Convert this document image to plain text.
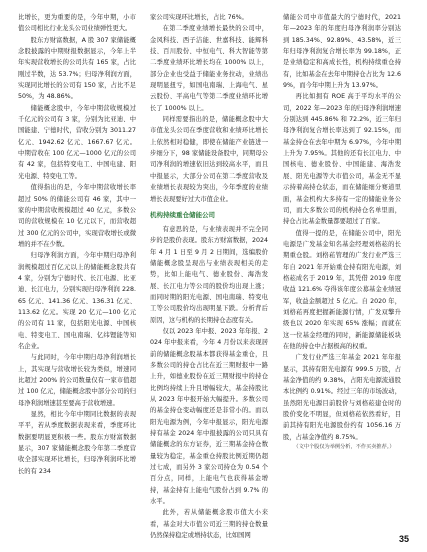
比增长，更为重要的是，今年中期，小市值公司相比行业龙头公司业绩弹性更大。

股东方财富数据，A 股 307 家储能概念股披露的中期财报数据显示，今年上半年实现营收增长的公司共有 165 家，占比刚过半数，达 53.7%；归母净利润方面，实现同比增长的公司有 150 家，占比不足 50%，为 48.86%。

储能概念股中，今年中期营收规模过千亿元的公司有 3 家，分别为比亚迪、中国能建、宁德时代，营收分别为 3011.27 亿元、1942.62 亿元、1667.67 亿元。中期营收在 100 亿元—1000 亿元的公司有 42 家，包括特变电工、中国电建、阳光电源、特变电工等。

值得指出的是，今年中期营收增长率超过 50% 的储能公司有 46 家，其中一家的中期营收规模超过 40 亿元，多数公司的营收规模在 10 亿元以下，而营收超过 300 亿元的公司中，实现营收增长或微增的并不在少数。

归母净利润方面，今年中期归母净利润规模超过百亿元以上的储能概念股共有 4 家，分别为宁德时代、长江电源、比亚迪、长江电力，分别实现归母净利润 228.65 亿元、141.36 亿元、136.31 亿元、113.62 亿元。实现 20 亿元—100 亿元的公司有 11 家，包括阳光电源、中国核电、特变电工、国电南瑞、亿纬锂能等知名企业。

与此同时，今年中期归母净利润增长上，其实现与营收增长较为类似，增速同比超过 200% 的公司数量仅有一家市值超过 100 亿元，储能概念股中部分公司的归母净利润增速甚至要高于营收增速。

显然，相比今年中期同比数据的表现平平，若从季度数据表现来看，季度环比数据要明显更积极一些。股东方财富数据显示，307 家储能概念股今年第二季度营收全部实现环比增长，归母净利润环比增长的有 234

家公司实现环比增长，占比 76%。

在第二季度业绩增长最快的公司中，金风科技、西子洁能、世嘉科技、能辉科技、百川股份、中恒电气、科大智能等第二季度业绩环比增长均在 1000% 以上，部分企业也受益于储能业务拉动，业绩出现明显扭亏，如国电南瑞、上海电气、星云股份、平高电气等第二季度业绩环比增长了 1000% 以上。

同样需要指出的是，储能概念股中大市值龙头公司在季度营收和业绩环比增长上依然相对稳健，即使在储能产业链进一步细分下，98 家储能设备股中，同期母公司净利润的增速依旧达到较高水平，而且中报显示，大部分公司在第二季度营收及业绩增长表现较为突出，今年季度的业绩增长表现要好过大市值企业。

机构持续重仓储能公司

有意思的是，与业绩表现并不完全同步的是股价表现。股东方财富数据，2024 年 4 月 1 日至 9 月 2 日期间，选编股价储能概念股呈现出与业绩表现相关的走势，比如上能电气、德业股份、海浩发展、长江电力等公司的股价均出现上涨；而同时期的阳光电源、国电南瑞、特变电工等公司股价均出现明显下跌。分析背后原因，这与机构的长期持仓态度有关。

仅以 2023 年中报、2023 年年报、2024 年中报来看，今年 4 月份以来表现居前的储能概念股基本都获得基金重仓，且多数公司的持仓占比在近三期财报中一路上升，如德业股份在近三期财报中的持仓比例均持续上升且增幅较大，基金持股比从 2023 年中报开始大幅提升。多数公司的基金持仓变动幅度还是非常小的。而以阳光电源为例，今年中报显示，阳光电源持有基金 2024 年中报披露的公司只具有储能概念的东方证券，近三期基金持仓数量较为稳定，基金重仓持股比例近期仍超过七成，而另外 3 家公司持仓为 0.54 个百分点，同样，上能电气也获得基金增持，基金持有上能电气股份占到 9.7% 的水平。

此外，若从储能概念股市值大小来看，基金对大市值公司近三期的持仓数量仍然保持稳定或增持状态，比如国网

储能公司中市值最大的宁德时代，2021 年—2023 年的年度归母净利润率分别达到 185.34%、92.89%、43.58%，近三年归母净利润复合增长率为 99.18%，正是业绩稳定和高成长性，机构持续重仓持有，比如基金在去年中期持仓占比为 12.69%，而今年中期上升为 13.97%。

再比如拥有 ROE 高于平均水平的公司，2022 年—2023 年的归母净利润增速分别达到 445.86% 和 72.2%，近三年归母净利润复合增长率达到了 92.15%，而基金持仓在去年中期为 6.97%，今年中期上升为 7.95%。其他的还有长江电力、中国核电、德业股份、中国能建、海浩发展、阳光电源等大市值公司，基金无不显示持着高持仓状态，而在储能细分赛道里面，基金机构大多持有一定的储能业务公司，而大多数公司的机构持仓名单里面，持仓占比基金数量都要超过了百家。

值得一提的是，在储能公司中，阳光电源是广发基金知名基金经理刘格菘的长期重仓股。刘格菘管理的广发行业严选三年自 2021 年开始重仓持有阳光电源，刘格菘成名于 2019 年，其凭借 2019 年度收益 121.6% 夺得该年度公募基金业绩冠军，收益金额超过 5 亿元。自 2020 年，刘格菘再度把握新能源行情，广发双擎升级也以 2020 年实现 65% 涨幅；而就在这一位基金经理的同时，新能源储能板块在他的持仓中占据极高的权重。

广发行业严选三年基金 2021 年年报显示，其持有阳光电源有 999.5 万股，占基金净值的约 9.38%，占阳光电源流通股本比例约 0.91%。经过三年的市场波动，虽然阳光电源目前股价与刘格菘建仓时的股价变化不明显，但刘格菘依然看好，目前其持有阳光电源股份约有 1056.16 万股，占基金净值约 8.75%。

（文中个股仅为举例分析，不作买卖推荐。）

35
